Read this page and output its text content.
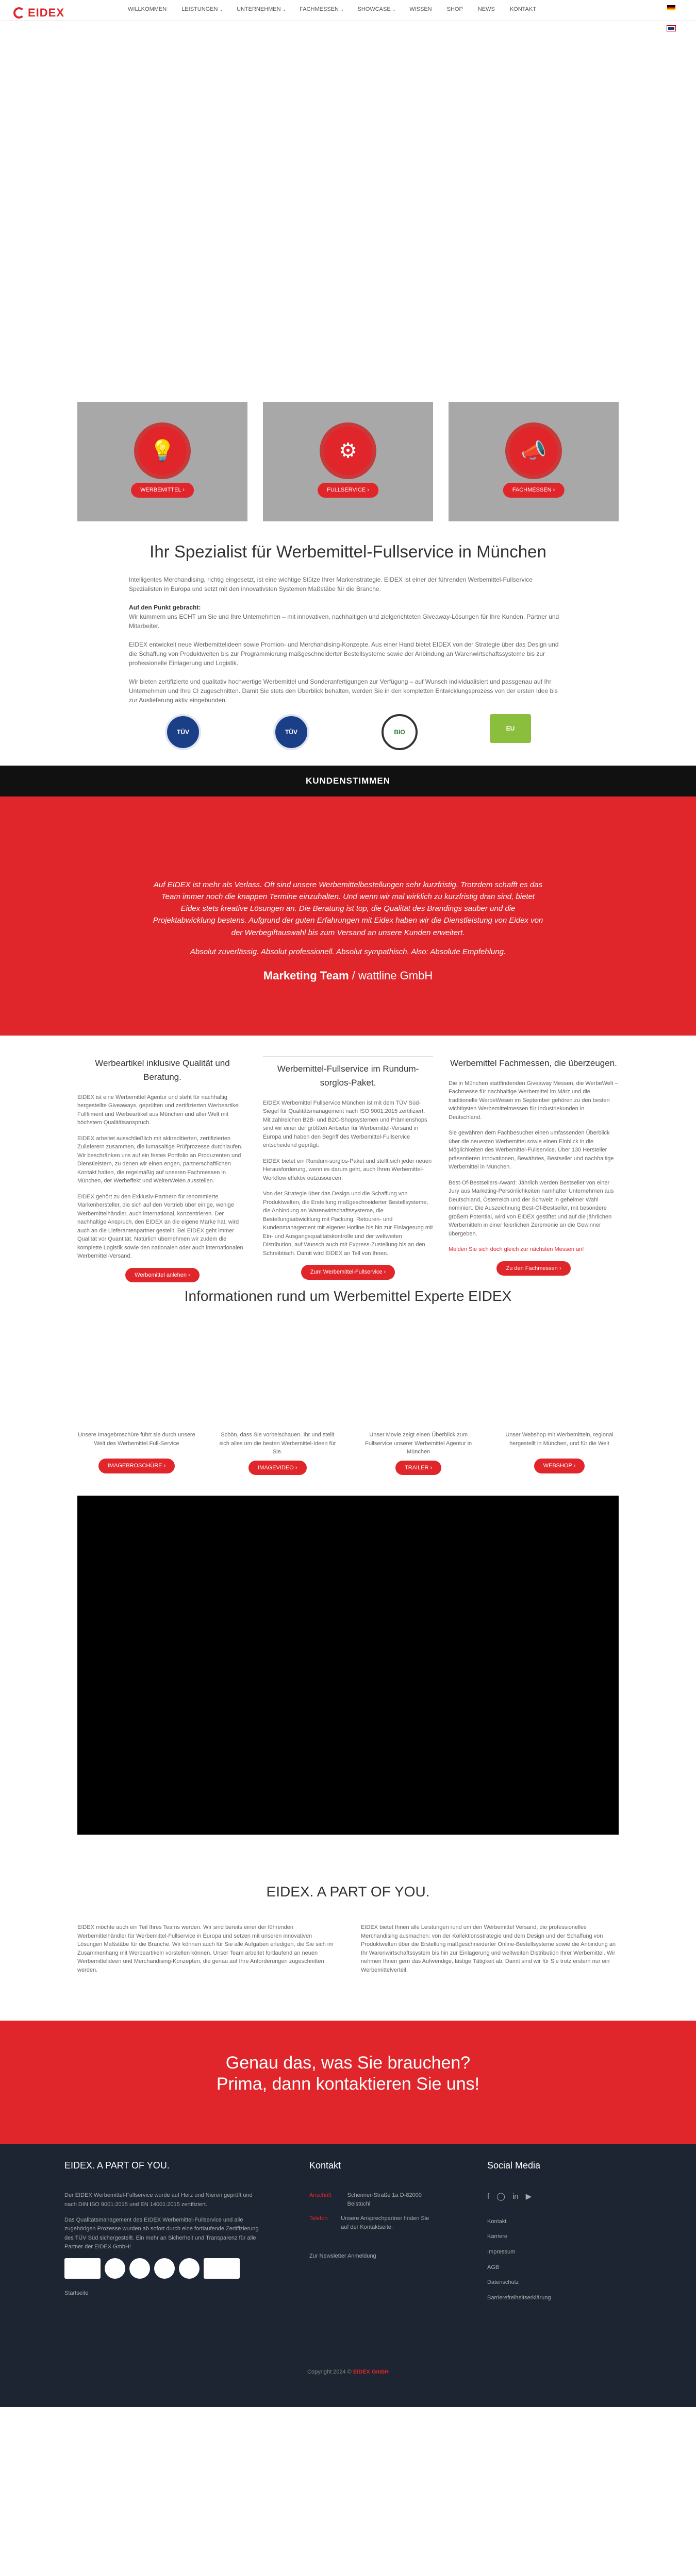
EIDEX	WILLKOMMEN	LEISTUNGEN ⌄	UNTERNEHMEN ⌄	FACHMESSEN ⌄	SHOWCASE ⌄	WISSEN	SHOP	NEWS	KONTAKT
💡
WERBEMITTEL ›
⚙
FULLSERVICE ›
📣
FACHMESSEN ›
Ihr Spezialist für Werbemittel-Fullservice in München

Intelligentes Merchandising, richtig eingesetzt, ist eine wichtige Stütze Ihrer Markenstrategie. EIDEX ist einer der führenden Werbemittel-Fullservice Spezialisten in Europa und setzt mit den innovativsten Systemen Maßstäbe für die Branche.

Auf den Punkt gebracht:
Wir kümmern uns ECHT um Sie und Ihre Unternehmen – mit innovativen, nachhaltigen und zielgerichteten Giveaway-Lösungen für Ihre Kunden, Partner und Mitarbeiter.

EIDEX entwickelt neue Werbemittelideen sowie Promion- und Merchandising-Konzepte. Aus einer Hand bietet EIDEX von der Strategie über das Design und die Schaffung von Produktwelten bis zur Programmierung maßgeschneiderter Bestellsysteme sowie der Anbindung an Warenwirtschaftssysteme bis zur professionelle Einlagerung und Logistik.

Wir bieten zertifizierte und qualitativ hochwertige Werbemittel und Sonderanfertigungen zur Verfügung – auf Wunsch individualisiert und passgenau auf Ihr Unternehmen und Ihre CI zugeschnitten. Damit Sie stets den Überblick behalten, werden Sie in den kompletten Entwicklungsprozess von der ersten Idee bis zur Auslieferung aktiv eingebunden.

TÜV	TÜV	BIO	EU
KUNDENSTIMMEN

Auf EIDEX ist mehr als Verlass. Oft sind unsere Werbemittelbestellungen sehr kurzfristig. Trotzdem schafft es das Team immer noch die knappen Termine einzuhalten. Und wenn wir mal wirklich zu kurzfristig dran sind, bietet Eidex stets kreative Lösungen an. Die Beratung ist top, die Qualität des Brandings sauber und die Projektabwicklung bestens. Aufgrund der guten Erfahrungen mit Eidex haben wir die Dienstleistung von Eidex von der Werbegiftauswahl bis zum Versand an unsere Kunden erweitert.

Absolut zuverlässig. Absolut professionell. Absolut sympathisch. Also: Absolute Empfehlung.

Marketing Team / wattline GmbH

Werbeartikel inklusive Qualität und Beratung.

EIDEX ist eine Werbemittel Agentur und steht für nachhaltig hergestellte Giveaways, geprüften und zertifizierten Werbeartikel Fullfilment und Werbeartikel aus München und aller Welt mit höchstem Qualitätsanspruch.

EIDEX arbeitet ausschließlich mit akkreditierten, zertifizierten Zulieferern zusammen, die lumasaltige Prüfprozesse durchlaufen. Wir beschränken uns auf ein festes Portfolio an Produzenten und Dienstleistern, zu denen wir einen engen, partnerschaftlichen Kontakt halten, die regelmäßig auf unseren Fachmessen in München, der Werbeffekt und WeiterWelen ausstellen.

EIDEX gehört zu den Exklusiv-Partnern für renommierte Markenhersteller, die sich auf den Vertrieb über einige, wenige Werbemittelhändler, auch international, konzentrieren. Der nachhaltige Anspruch, den EIDEX an die eigene Marke hat, wird auch an die Lieferantenpartner gestellt. Bei EIDEX geht immer Qualität vor Quantität. Natürlich übernehmen wir zudem die komplette Logistik sowie den nationalen oder auch internationalen Werbemittel-Versand.

Werbemittel anlehen ›
Werbemittel-Fullservice im Rundum-sorglos-Paket.

EIDEX Werbemittel Fullservice München ist mit dem TÜV Süd-Siegel für Qualitätsmanagement nach ISO 9001:2015 zertifiziert. Mit zahlreichen B2B- und B2C-Shopsystemen und Prämienshops sind wir einer der größten Anbieter für Werbemittel-Versand in Europa und haben den Begriff des Werbemittel-Fullservice entscheidend geprägt.

EIDEX bietet ein Rundum-sorglos-Paket und stellt sich jeder neuen Herausforderung, wenn es darum geht, auch Ihren Werbemittel-Workflow effektiv outzusourcen:

Von der Strategie über das Design und die Schaffung von Produktwelten, die Erstellung maßgeschneiderter Bestellsysteme, die Anbindung an Warenwirtschaftssysteme, die Bestellungsabwicklung mit Packung, Retouren- und Kundenmanagement mit eigener Hotline bis hin zur Einlagerung mit Ein- und Ausgangsqualitätskontrolle und der weltweiten Distribution, auf Wunsch auch mit Express-Zustellung bis an den Schreibtisch. Damit wird EIDEX an Tell von Ihnen.

Zum Werbemittel-Fullservice ›
Werbemittel Fachmessen, die überzeugen.

Die in München stattfindenden Giveaway Messen, die WerbeWelt – Fachmesse für nachhaltige Werbemittel im März und die traditionelle WerbeWesen im September gehören zu den besten wichtigsten Werbemittelmessen für Industriekunden in Deutschland.

Sie gewähren dem Fachbesucher einen umfassenden Überblick über die neuesten Werbemittel sowie einen Einblick in die Möglichkeiten des Werbemittel-Fullservice. Über 130 Hersteller präsentieren Innovationen, Bewährtes, Bestseller und nachhaltige Werbemittel in München.

Best-Of-Bestsellers-Award: Jährlich werden Bestseller von einer Jury aus Marketing-Persönlichkeiten namhafter Unternehmen aus Deutschland, Österreich und der Schweiz in geheimer Wahl nominiert. Die Auszeichnung Best-Of-Bestseller, mit besondere großem Potential, wird von EIDEX gestiftet und auf die jährlichen Werbemitteln in einer feierlichen Zeremonie an die Gewinner übergeben.

Melden Sie sich doch gleich zur nächsten Messen an!

Zu den Fachmessen ›
Informationen rund um Werbemittel Experte EIDEX

Unsere Imagebroschüre führt sie durch unsere Welt des Werbemittel Full-Service

IMAGEBROSCHÜRE ›

Schön, dass Sie vorbeischauen. Ihr und stellt sich alles um die besten Werbemittel-Ideen für Sie.

IMAGEVIDEO ›

Unser Movie zeigt einen Überblick zum Fullservice unserer Werbemittel Agentur in München

TRAILER ›

Unser Webshop mit Werbemitteln, regional hergestellt in München, und für die Welt

WEBSHOP ›
EIDEX. A PART OF YOU.
EIDEX möchte auch ein Teil Ihres Teams werden. Wir sind bereits einer der führenden Werbemittelhändler für Werbemittel-Fullservice in Europa und setzen mit unseren innovativen Lösungen Maßstäbe für die Branche. Wir können auch für Sie alle Aufgaben erledigen, die Sie sich im Zusammenhang mit Werbeartikeln vorstellen können. Unser Team arbeitet fortlaufend an neuen Werbemittelideen und Merchandising-Konzepten, die genau auf Ihre Anforderungen zugeschnitten werden.
EIDEX bietet Ihnen alle Leistungen rund um den Werbemittel Versand, die professionelles Merchandising ausmachen: von der Kollektionsstrategie und dem Design und der Schaffung von Produktwelten über die Erstellung maßgeschneiderter Online-Bestellsysteme sowie die Anbindung an Ihr Warenwirtschaftssystem bis hin zur Einlagerung und weltweiten Distribution Ihrer Werbemittel. Wir nehmen Ihnen gern das Aufwendige, lästige Tätigkeit ab. Damit sind wir für Sie trotz erstern nur ein Werbemittelverteil.
Genau das, was Sie brauchen?
Prima, dann kontaktieren Sie uns!
EIDEX. A PART OF YOU.

Der EIDEX Werbemittel-Fullservice wurde auf Herz und Nieren geprüft und nach DIN ISO 9001:2015 und EN 14001:2015 zertifiziert.

Das Qualitätsmanagement des EIDEX Werbemittel-Fullservice und alle zugehörigen Prozesse wurden ab sofort durch eine fortlaufende Zertifizierung des TÜV Süd sichergestellt. Ein mehr an Sicherheit und Transparenz für alle Partner der EIDEX GmbH!

Startseite

Kontakt
Anschrift	Schenner-Straße 1a D-82000 Beistüchl
Telefon Unsere Ansprechpartner finden Sie auf der Kontaktseite.

Zur Newsletter Anmeldung

Social Media
f ◯ in ▶

Kontakt

Karriere

Impressum

AGB

Datenschutz

Barrierefreiheitserklärung

Copyright 2024 © EIDEX GmbH
